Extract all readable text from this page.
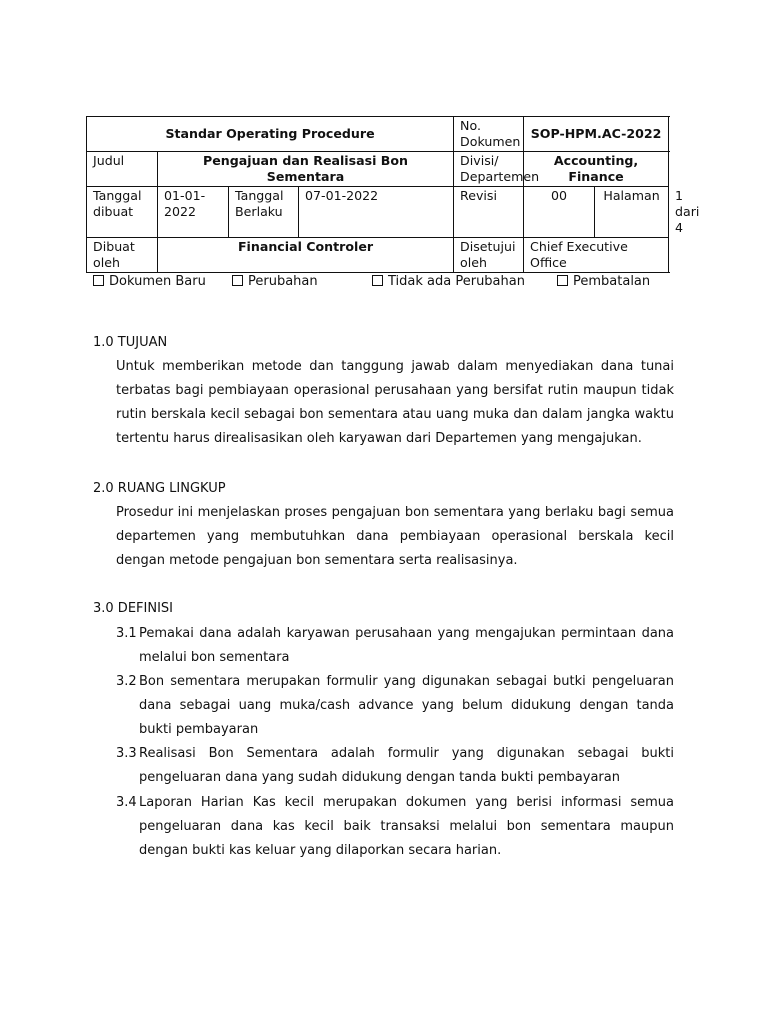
Standar Operating Procedure				No. Dokumen	SOP-HPM.AC-2022		
Judul	Pengajuan dan Realisasi Bon Sementara			Divisi/ Departemen	Accounting, Finance		
Tanggal dibuat	01-01-2022	Tanggal Berlaku	07-01-2022	Revisi	00	Halaman	1 dari 4
Dibuat oleh	Financial Controler			Disetujui oleh	Chief Executive Office		
Dokumen Baru	Perubahan	Tidak ada Perubahan	Pembatalan
1.0 TUJUAN
Untuk memberikan metode dan tanggung jawab dalam menyediakan dana tunai terbatas bagi pembiayaan operasional perusahaan yang bersifat rutin maupun tidak rutin berskala kecil sebagai bon sementara atau uang muka dan dalam jangka waktu tertentu harus direalisasikan oleh karyawan dari Departemen yang mengajukan.
2.0 RUANG LINGKUP
Prosedur ini menjelaskan proses pengajuan bon sementara yang berlaku bagi semua departemen yang membutuhkan dana pembiayaan operasional berskala kecil dengan metode pengajuan bon sementara serta realisasinya.
3.0 DEFINISI
3.1 Pemakai dana adalah karyawan perusahaan yang mengajukan permintaan dana melalui bon sementara
3.2 Bon sementara merupakan formulir yang digunakan sebagai butki pengeluaran dana sebagai uang muka/cash advance yang belum didukung dengan tanda bukti pembayaran
3.3 Realisasi Bon Sementara adalah formulir yang digunakan sebagai bukti pengeluaran dana yang sudah didukung dengan tanda bukti pembayaran
3.4 Laporan Harian Kas kecil merupakan dokumen yang berisi informasi semua pengeluaran dana kas kecil baik transaksi melalui bon sementara maupun dengan bukti kas keluar yang dilaporkan secara harian.
